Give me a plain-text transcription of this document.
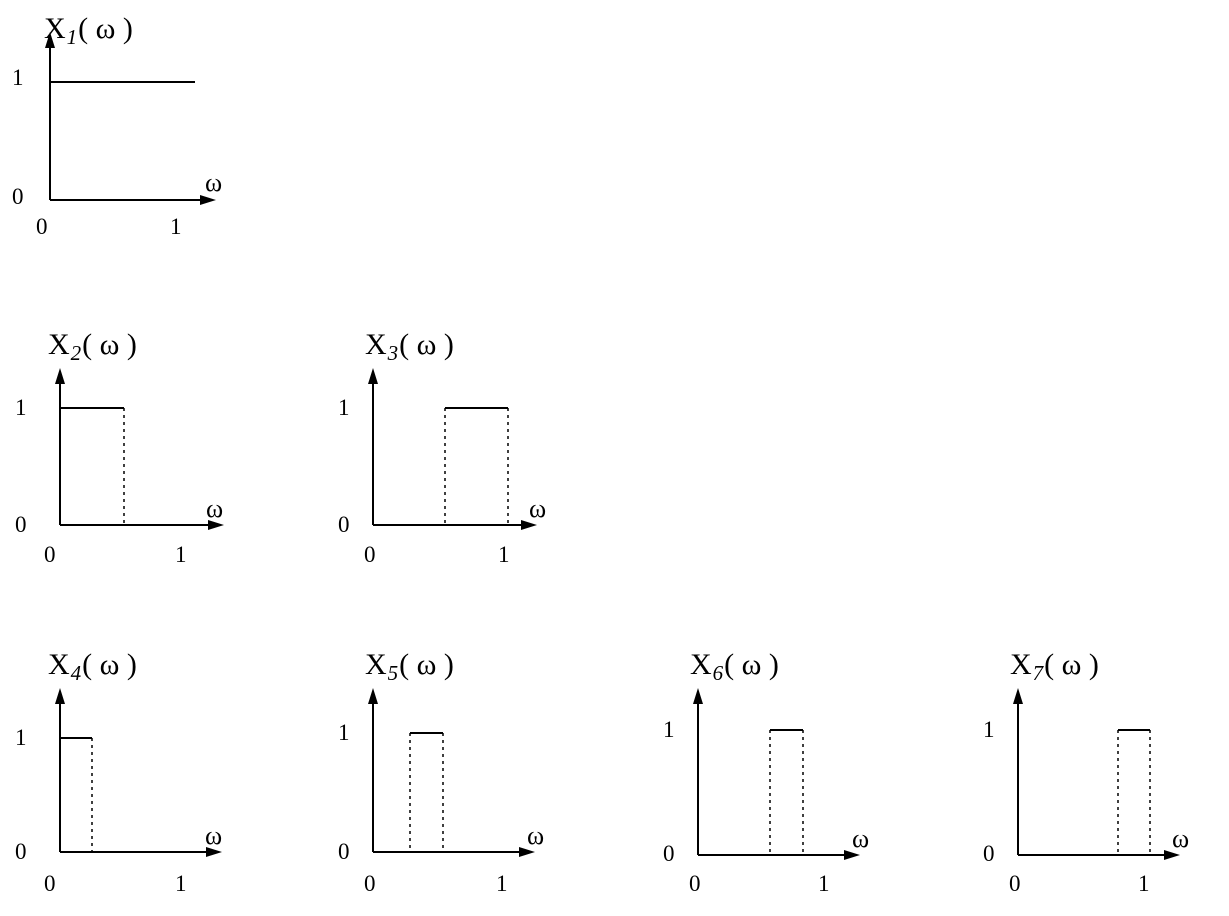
$X_1$( ω )
1
0	ω
0	1
$X_2$( ω )
1
0
ω
0	1
$X_3$( ω )
1
0
ω
0	1
$X_4$( ω )
1
0
ω
0	1
$X_5$( ω )
1
0
ω
0	1
$X_6$( ω )
1
0
ω
0	1
$X_7$( ω )
1
0
ω
0	1
